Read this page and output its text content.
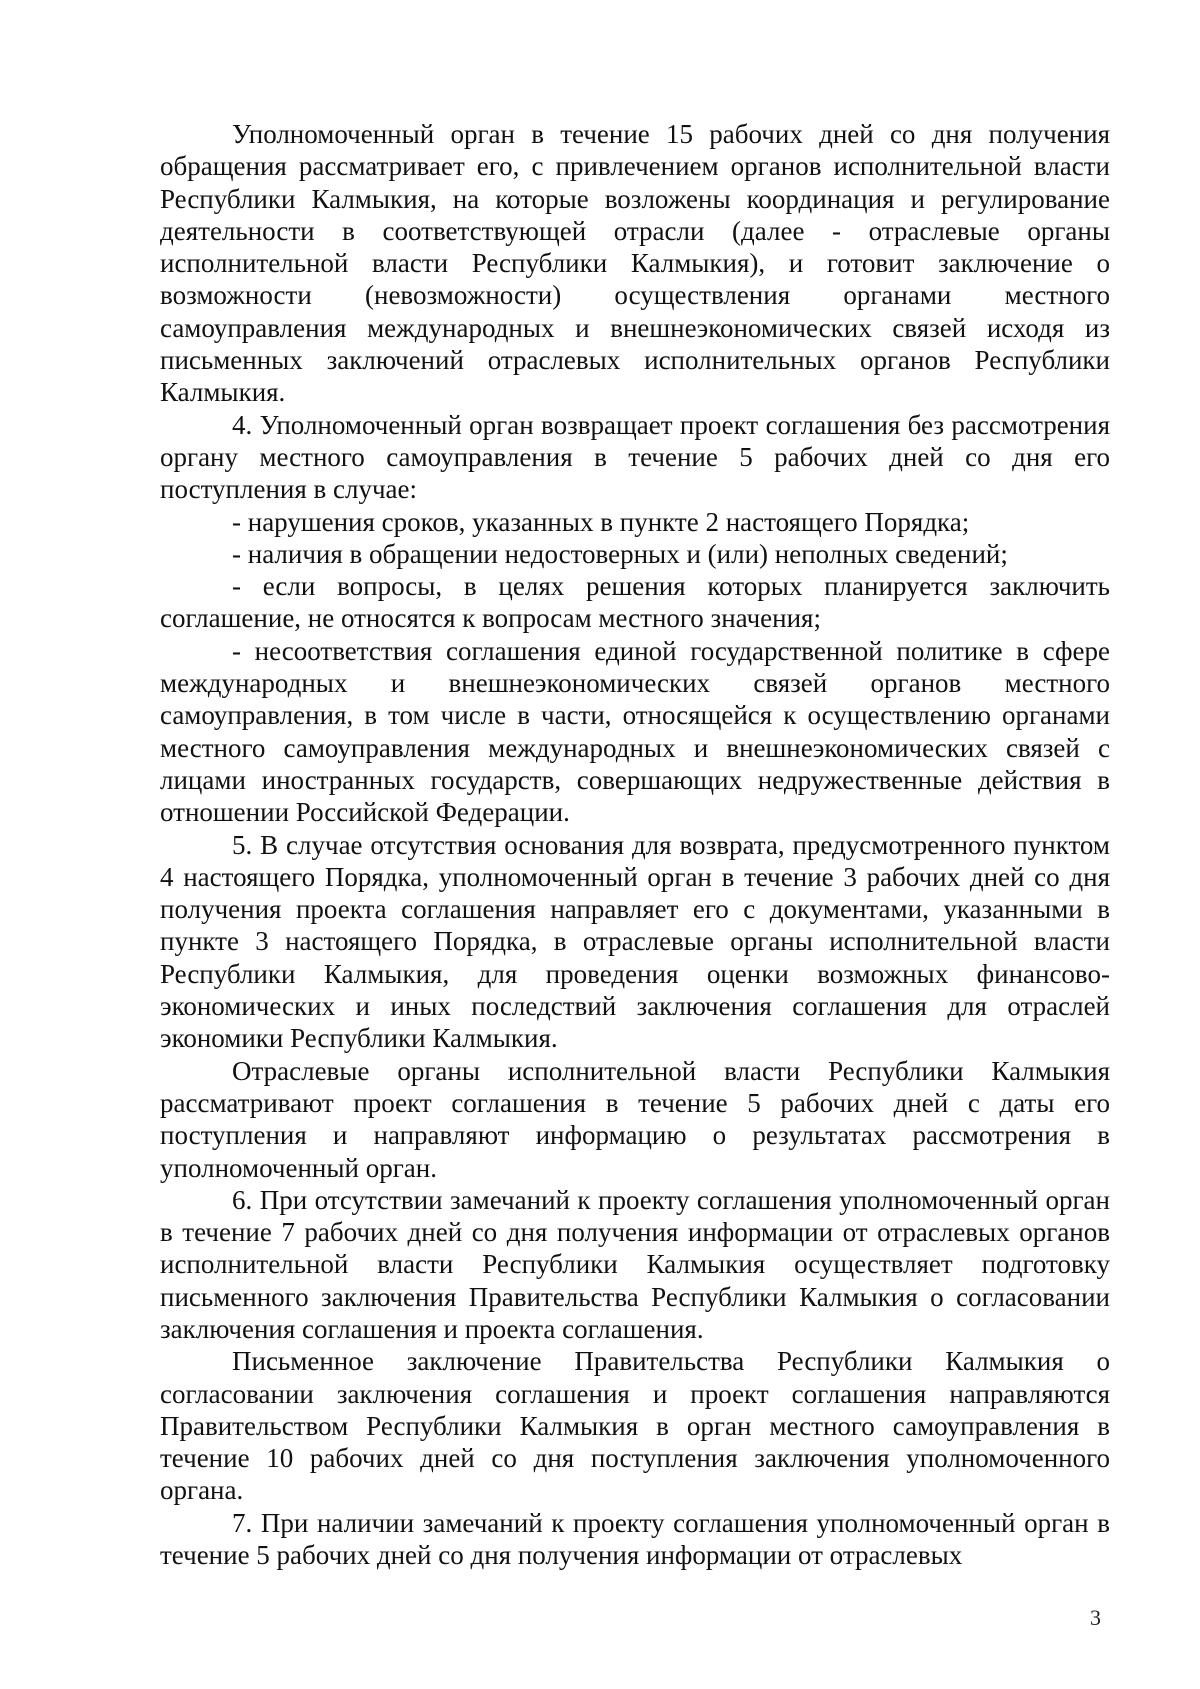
Уполномоченный орган в течение 15 рабочих дней со дня получения обращения рассматривает его, с привлечением органов исполнительной власти Республики Калмыкия, на которые возложены координация и регулирование деятельности в соответствующей отрасли (далее - отраслевые органы исполнительной власти Республики Калмыкия), и готовит заключение о возможности (невозможности) осуществления органами местного самоуправления международных и внешнеэкономических связей исходя из письменных заключений отраслевых исполнительных органов Республики Калмыкия.

4. Уполномоченный орган возвращает проект соглашения без рассмотрения органу местного самоуправления в течение 5 рабочих дней со дня его поступления в случае:

- нарушения сроков, указанных в пункте 2 настоящего Порядка;

- наличия в обращении недостоверных и (или) неполных сведений;

- если вопросы, в целях решения которых планируется заключить соглашение, не относятся к вопросам местного значения;

- несоответствия соглашения единой государственной политике в сфере международных и внешнеэкономических связей органов местного самоуправления, в том числе в части, относящейся к осуществлению органами местного самоуправления международных и внешнеэкономических связей с лицами иностранных государств, совершающих недружественные действия в отношении Российской Федерации.

5. В случае отсутствия основания для возврата, предусмотренного пунктом 4 настоящего Порядка, уполномоченный орган в течение 3 рабочих дней со дня получения проекта соглашения направляет его с документами, указанными в пункте 3 настоящего Порядка, в отраслевые органы исполнительной власти Республики Калмыкия, для проведения оценки возможных финансово-экономических и иных последствий заключения соглашения для отраслей экономики Республики Калмыкия.

Отраслевые органы исполнительной власти Республики Калмыкия рассматривают проект соглашения в течение 5 рабочих дней с даты его поступления и направляют информацию о результатах рассмотрения в уполномоченный орган.

6. При отсутствии замечаний к проекту соглашения уполномоченный орган в течение 7 рабочих дней со дня получения информации от отраслевых органов исполнительной власти Республики Калмыкия осуществляет подготовку письменного заключения Правительства Республики Калмыкия о согласовании заключения соглашения и проекта соглашения.

Письменное заключение Правительства Республики Калмыкия о согласовании заключения соглашения и проект соглашения направляются Правительством Республики Калмыкия в орган местного самоуправления в течение 10 рабочих дней со дня поступления заключения уполномоченного органа.

7. При наличии замечаний к проекту соглашения уполномоченный орган в течение 5 рабочих дней со дня получения информации от отраслевых

3
